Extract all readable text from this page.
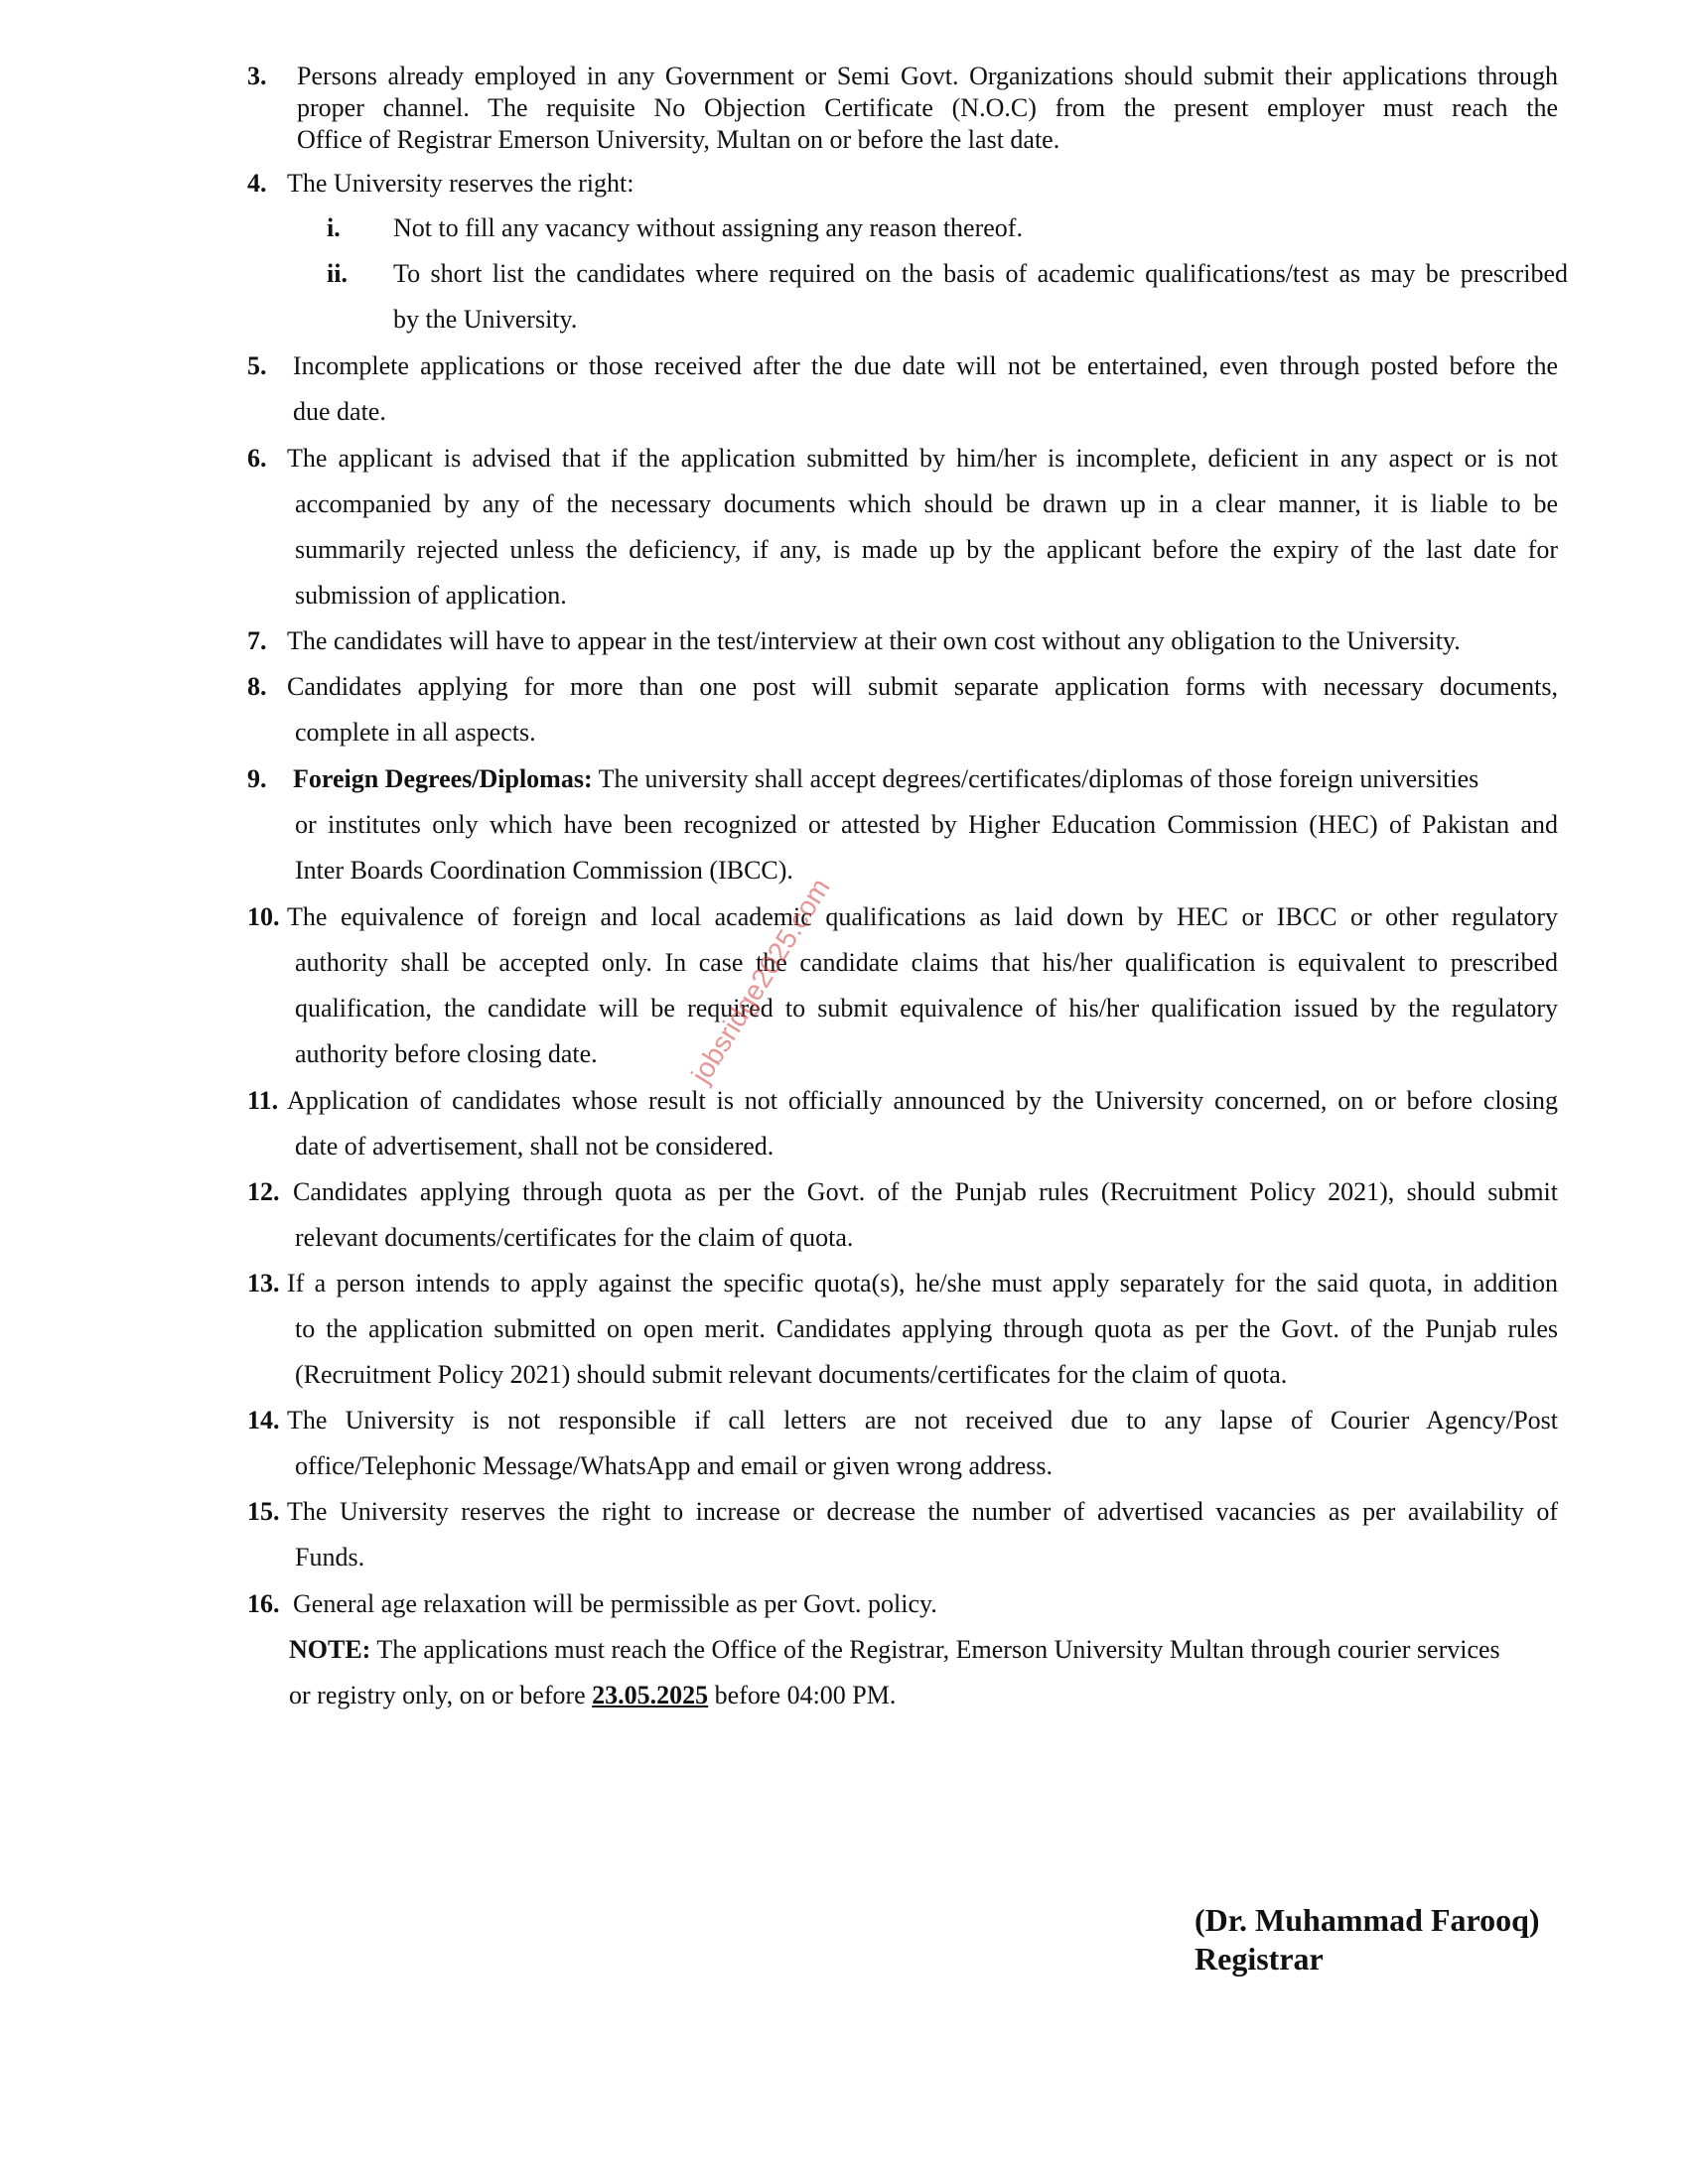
3. Persons already employed in any Government or Semi Govt. Organizations should submit their applications through
proper channel. The requisite No Objection Certificate (N.O.C) from the present employer must reach the
Office of Registrar Emerson University, Multan on or before the last date.
4. The University reserves the right:
i. Not to fill any vacancy without assigning any reason thereof.
ii. To short list the candidates where required on the basis of academic qualifications/test as may be prescribed
by the University.
5. Incomplete applications or those received after the due date will not be entertained, even through posted before the
due date.
6. The applicant is advised that if the application submitted by him/her is incomplete, deficient in any aspect or is not
accompanied by any of the necessary documents which should be drawn up in a clear manner, it is liable to be
summarily rejected unless the deficiency, if any, is made up by the applicant before the expiry of the last date for
submission of application.
7. The candidates will have to appear in the test/interview at their own cost without any obligation to the University.
8. Candidates applying for more than one post will submit separate application forms with necessary documents,
complete in all aspects.
9. Foreign Degrees/Diplomas: The university shall accept degrees/certificates/diplomas of those foreign universities
or institutes only which have been recognized or attested by Higher Education Commission (HEC) of Pakistan and
Inter Boards Coordination Commission (IBCC).
10. The equivalence of foreign and local academic qualifications as laid down by HEC or IBCC or other regulatory
authority shall be accepted only. In case the candidate claims that his/her qualification is equivalent to prescribed
qualification, the candidate will be required to submit equivalence of his/her qualification issued by the regulatory
authority before closing date.
11. Application of candidates whose result is not officially announced by the University concerned, on or before closing
date of advertisement, shall not be considered.
12. Candidates applying through quota as per the Govt. of the Punjab rules (Recruitment Policy 2021), should submit
relevant documents/certificates for the claim of quota.
13. If a person intends to apply against the specific quota(s), he/she must apply separately for the said quota, in addition
to the application submitted on open merit. Candidates applying through quota as per the Govt. of the Punjab rules
(Recruitment Policy 2021) should submit relevant documents/certificates for the claim of quota.
14. The University is not responsible if call letters are not received due to any lapse of Courier Agency/Post
office/Telephonic Message/WhatsApp and email or given wrong address.
15. The University reserves the right to increase or decrease the number of advertised vacancies as per availability of
Funds.
16. General age relaxation will be permissible as per Govt. policy.
NOTE: The applications must reach the Office of the Registrar, Emerson University Multan through courier services
or registry only, on or before 23.05.2025 before 04:00 PM.
(Dr. Muhammad Farooq)
Registrar
jobsridge2025.com
